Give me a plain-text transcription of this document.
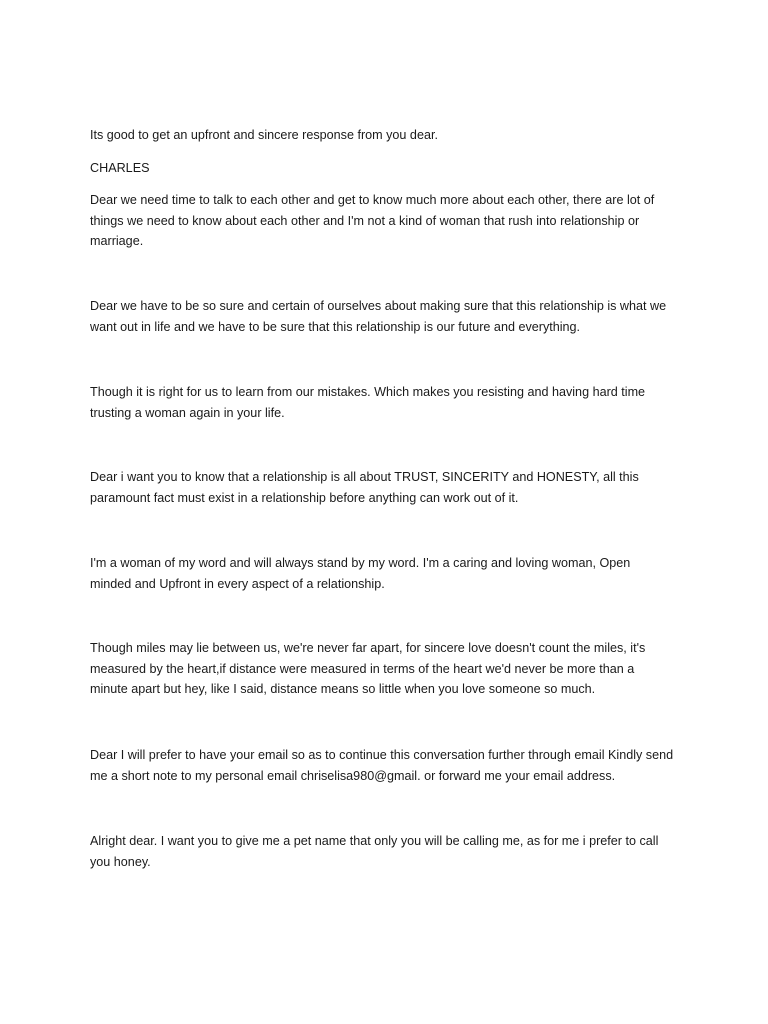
Its good to get an upfront and sincere response from you dear.

CHARLES

Dear we need time to talk to each other and get to know much more about each other, there are lot of things we need to know about each other and I'm not a kind of woman that rush into relationship or marriage.

Dear we have to be so sure and certain of ourselves about making sure that this relationship is what we want out in life and we have to be sure that this relationship is our future and everything.

Though it is right for us to learn from our mistakes. Which makes you resisting and having hard time trusting a woman again in your life.

Dear i want you to know that a relationship is all about TRUST, SINCERITY and HONESTY, all this paramount fact must exist in a relationship before anything can work out of it.

I'm a woman of my word and will always stand by my word. I'm a caring and loving woman, Open minded and Upfront in every aspect of a relationship.

Though miles may lie between us, we're never far apart, for sincere love doesn't count the miles, it's measured by the heart,if distance were measured in terms of the heart we'd never be more than a minute apart but hey, like I said, distance means so little when you love someone so much.

Dear I will prefer to have your email so as to continue this conversation further through email Kindly send me a short note to my personal email chriselisa980@gmail. or forward me your email address.

Alright dear. I want you to give me a pet name that only you will be calling me, as for me i prefer to call you honey.
